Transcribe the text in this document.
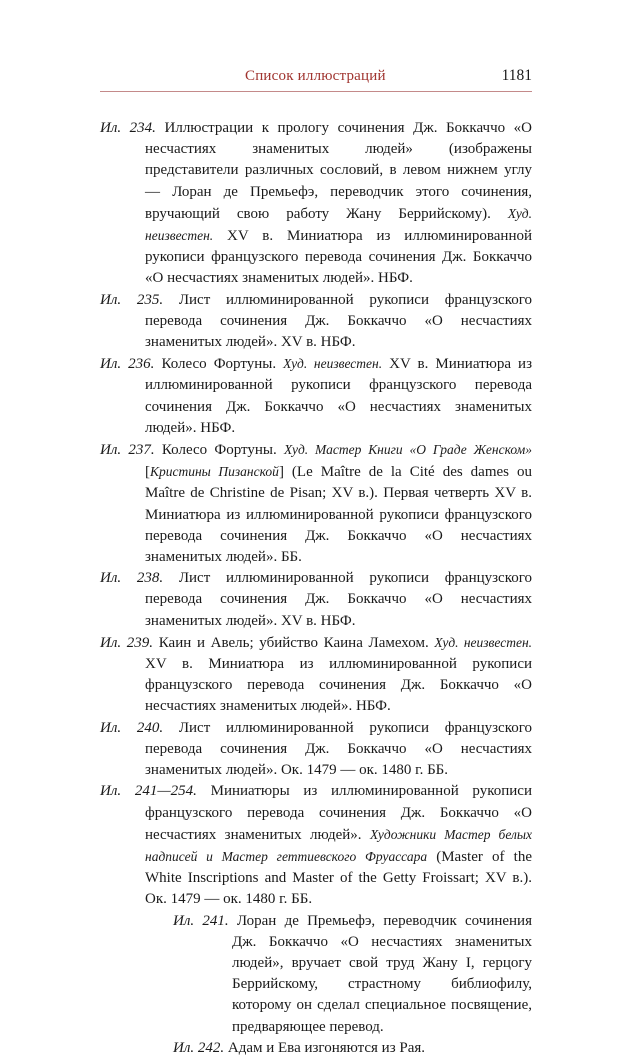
Список иллюстраций	1181

Ил. 234. Иллюстрации к прологу сочинения Дж. Боккаччо «О несчастиях знаменитых людей» (изображены представители различных сословий, в левом нижнем углу — Лоран де Премьефэ, переводчик этого сочинения, вручающий свою работу Жану Беррийскому). Худ. неизвестен. XV в. Миниатюра из иллюминированной рукописи французского перевода сочинения Дж. Боккаччо «О несчастиях знаменитых людей». НБФ.

Ил. 235. Лист иллюминированной рукописи французского перевода сочинения Дж. Боккаччо «О несчастиях знаменитых людей». XV в. НБФ.

Ил. 236. Колесо Фортуны. Худ. неизвестен. XV в. Миниатюра из иллюминированной рукописи французского перевода сочинения Дж. Боккаччо «О несчастиях знаменитых людей». НБФ.

Ил. 237. Колесо Фортуны. Худ. Мастер Книги «О Граде Женском» [Кристины Пизанской] (Le Maître de la Cité des dames ou Maître de Christine de Pisan; XV в.). Первая четверть XV в. Миниатюра из иллюминированной рукописи французского перевода сочинения Дж. Боккаччо «О несчастиях знаменитых людей». ББ.

Ил. 238. Лист иллюминированной рукописи французского перевода сочинения Дж. Боккаччо «О несчастиях знаменитых людей». XV в. НБФ.

Ил. 239. Каин и Авель; убийство Каина Ламехом. Худ. неизвестен. XV в. Миниатюра из иллюминированной рукописи французского перевода сочинения Дж. Боккаччо «О несчастиях знаменитых людей». НБФ.

Ил. 240. Лист иллюминированной рукописи французского перевода сочинения Дж. Боккаччо «О несчастиях знаменитых людей». Ок. 1479 — ок. 1480 г. ББ.

Ил. 241—254. Миниатюры из иллюминированной рукописи французского перевода сочинения Дж. Боккаччо «О несчастиях знаменитых людей». Художники Мастер белых надписей и Мастер геттиевского Фруассара (Master of the White Inscriptions and Master of the Getty Froissart; XV в.). Ок. 1479 — ок. 1480 г. ББ.

Ил. 241. Лоран де Премьефэ, переводчик сочинения Дж. Боккаччо «О несчастиях знаменитых людей», вручает свой труд Жану I, герцогу Беррийскому, страстному библиофилу, которому он сделал специальное посвящение, предваряющее перевод.

Ил. 242. Адам и Ева изгоняются из Рая.
